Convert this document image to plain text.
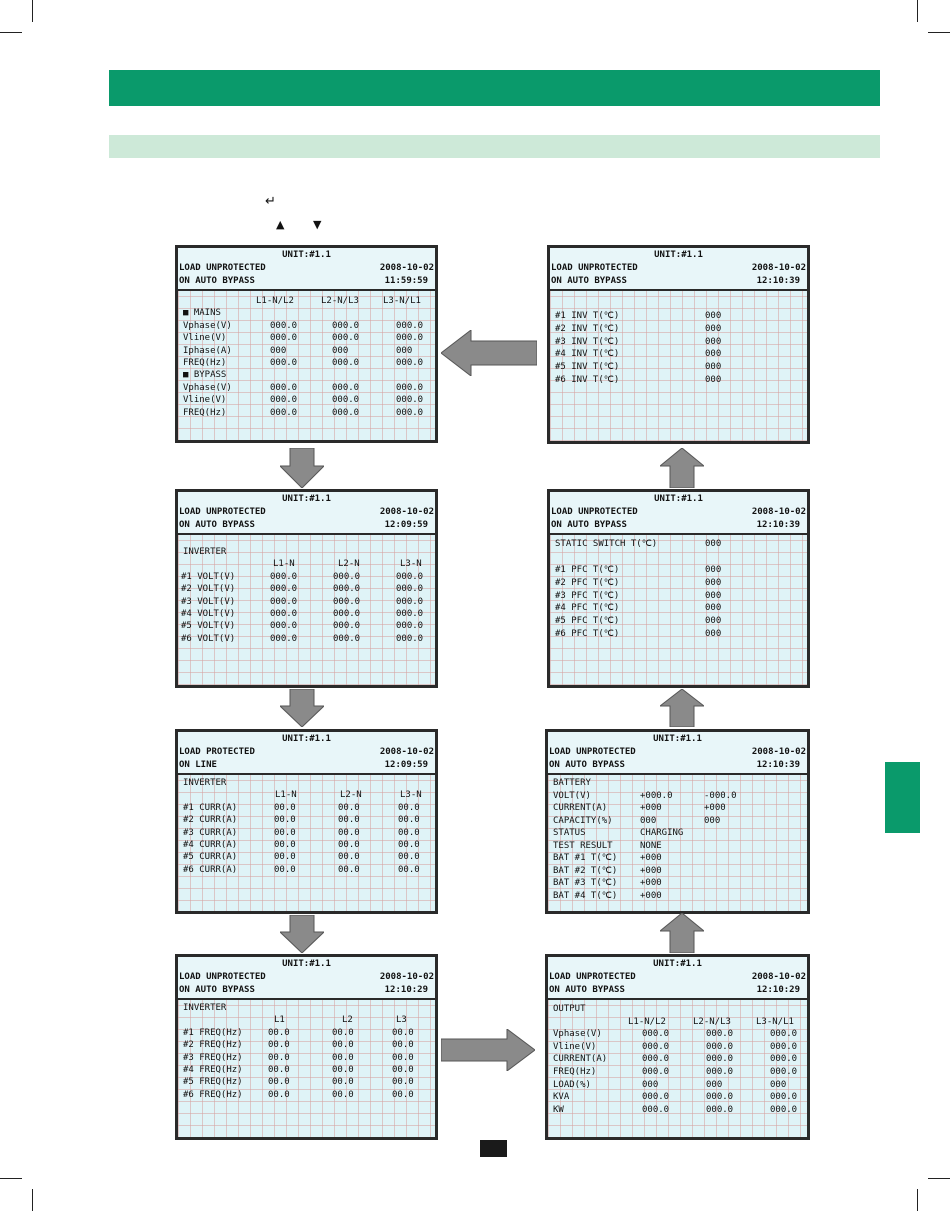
↵
▲	▼
UNIT:#1.1
LOAD UNPROTECTED
ON AUTO BYPASS
2008-10-02
11:59:59
L1-N/L2	L2-N/L3	L3-N/L1
■ MAINS
Vphase(V)	000.0	000.0	000.0
Vline(V)	000.0	000.0	000.0
Iphase(A)	000	000	000
FREQ(Hz)	000.0	000.0	000.0
■ BYPASS
Vphase(V)	000.0	000.0	000.0
Vline(V)	000.0	000.0	000.0
FREQ(Hz)	000.0	000.0	000.0
UNIT:#1.1
LOAD UNPROTECTED
ON AUTO BYPASS
2008-10-02
12:09:59
INVERTER
L1-N	L2-N	L3-N
#1 VOLT(V)	000.0	000.0	000.0
#2 VOLT(V)	000.0	000.0	000.0
#3 VOLT(V)	000.0	000.0	000.0
#4 VOLT(V)	000.0	000.0	000.0
#5 VOLT(V)	000.0	000.0	000.0
#6 VOLT(V)	000.0	000.0	000.0
UNIT:#1.1
LOAD PROTECTED
ON LINE
2008-10-02
12:09:59
INVERTER
L1-N	L2-N	L3-N
#1 CURR(A)	00.0	00.0	00.0
#2 CURR(A)	00.0	00.0	00.0
#3 CURR(A)	00.0	00.0	00.0
#4 CURR(A)	00.0	00.0	00.0
#5 CURR(A)	00.0	00.0	00.0
#6 CURR(A)	00.0	00.0	00.0
UNIT:#1.1
LOAD UNPROTECTED
ON AUTO BYPASS
2008-10-02
12:10:29
INVERTER
L1	L2	L3
#1 FREQ(Hz)	00.0	00.0	00.0
#2 FREQ(Hz)	00.0	00.0	00.0
#3 FREQ(Hz)	00.0	00.0	00.0
#4 FREQ(Hz)	00.0	00.0	00.0
#5 FREQ(Hz)	00.0	00.0	00.0
#6 FREQ(Hz)	00.0	00.0	00.0
UNIT:#1.1
LOAD UNPROTECTED
ON AUTO BYPASS
2008-10-02
12:10:39
#1 INV T(℃)	000
#2 INV T(℃)	000
#3 INV T(℃)	000
#4 INV T(℃)	000
#5 INV T(℃)	000
#6 INV T(℃)	000
UNIT:#1.1
LOAD UNPROTECTED
ON AUTO BYPASS
2008-10-02
12:10:39
STATIC SWITCH T(℃)	000
#1 PFC T(℃)	000
#2 PFC T(℃)	000
#3 PFC T(℃)	000
#4 PFC T(℃)	000
#5 PFC T(℃)	000
#6 PFC T(℃)	000
UNIT:#1.1
LOAD UNPROTECTED
ON AUTO BYPASS
2008-10-02
12:10:39
BATTERY
VOLT(V)	+000.0	-000.0
CURRENT(A)	+000	+000
CAPACITY(%)	000	000
STATUS	CHARGING
TEST RESULT	NONE
BAT #1 T(℃)	+000
BAT #2 T(℃)	+000
BAT #3 T(℃)	+000
BAT #4 T(℃)	+000
UNIT:#1.1
LOAD UNPROTECTED
ON AUTO BYPASS
2008-10-02
12:10:29
OUTPUT
L1-N/L2	L2-N/L3	L3-N/L1
Vphase(V)	000.0	000.0	000.0
Vline(V)	000.0	000.0	000.0
CURRENT(A)	000.0	000.0	000.0
FREQ(Hz)	000.0	000.0	000.0
LOAD(%)	000	000	000
KVA	000.0	000.0	000.0
KW	000.0	000.0	000.0
